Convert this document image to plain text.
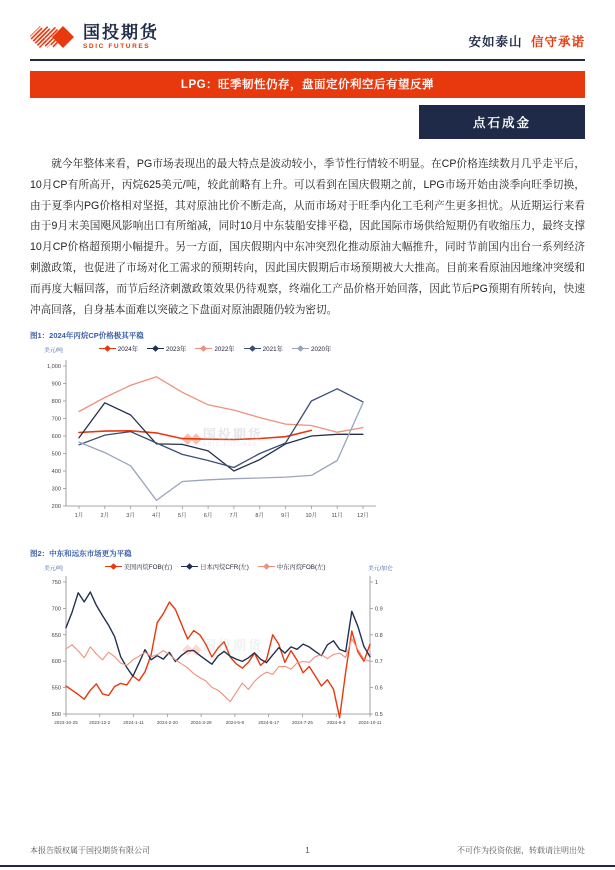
国投期货
SDIC FUTURES	安如泰山 信守承诺
LPG：旺季韧性仍存，盘面定价利空后有望反弹
点石成金

就今年整体来看，PG市场表现出的最大特点是波动较小，季节性行情较不明显。在CP价格连续数月几乎走平后，10月CP有所高开，丙烷625美元/吨，较此前略有上升。可以看到在国庆假期之前，LPG市场开始由淡季向旺季切换，由于夏季内PG价格相对坚挺，其对原油比价不断走高，从而市场对于旺季内化工毛利产生更多担忧。从近期运行来看由于9月末美国飓风影响出口有所缩减，同时10月中东装船安排平稳，因此国际市场供给短期仍有收缩压力，最终支撑10月CP价格超预期小幅提升。另一方面，国庆假期内中东冲突烈化推动原油大幅推升，同时节前国内出台一系列经济刺激政策，也促进了市场对化工需求的预期转向，因此国庆假期后市场预期被大大推高。目前来看原油因地缘冲突缓和而再度大幅回落，而节后经济刺激政策效果仍待观察，终端化工产品价格开始回落，因此节后PG预期有所转向，快速冲高回落，自身基本面难以突破之下盘面对原油跟随仍较为密切。

图1：2024年丙烷CP价格极其平稳
2024年	2023年	2022年	2021年	2020年
美元/吨
200
300
400
500
600
700
800
900
1,000
1月	2月	3月	4月	5月	6月	7月	8月	9月	10月	11月	12月
◆◆ 国投期货
SDIC FUTURES
图2：中东和远东市场更为平稳
美国丙烷FOB(右)	日本丙烷CFR(左)	中东丙烷FOB(左)
美元/吨	美元/加仑
500
550
600
650
700
750
0.5
0.6
0.7
0.8
0.9
1
2023-10-25	2023-12-2	2024-1-11	2024-2-20	2024-3-29	2024-5-8	2024-6-17	2024-7-25	2024-9-3	2024-10-11
◆◆ 国投期货
SDIC FUTURES
本报告版权属于国投期货有限公司	1	不可作为投资依据，转载请注明出处
